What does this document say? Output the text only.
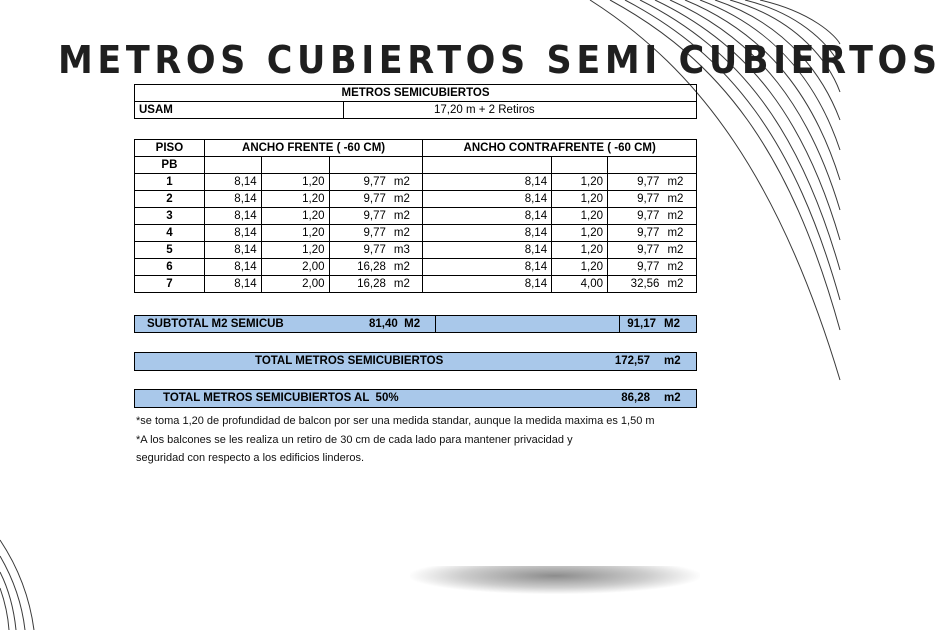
METROS CUBIERTOS SEMI CUBIERTOS
METROS SEMICUBIERTOS
USAM	17,20 m + 2 Retiros
PISO	ANCHO FRENTE ( -60 CM)				ANCHO CONTRAFRENTE ( -60 CM)			
PB								
1	8,14	1,20	9,77	m2	8,14	1,20	9,77	m2
2	8,14	1,20	9,77	m2	8,14	1,20	9,77	m2
3	8,14	1,20	9,77	m2	8,14	1,20	9,77	m2
4	8,14	1,20	9,77	m2	8,14	1,20	9,77	m2
5	8,14	1,20	9,77	m3	8,14	1,20	9,77	m2
6	8,14	2,00	16,28	m2	8,14	1,20	9,77	m2
7	8,14	2,00	16,28	m2	8,14	4,00	32,56	m2
SUBTOTAL M2 SEMICUB	81,40 M2		91,17	M2
TOTAL METROS SEMICUBIERTOS	172,57	m2
TOTAL METROS SEMICUBIERTOS AL  50%	86,28	m2
*se toma 1,20 de profundidad de balcon por ser una medida standar, aunque la medida maxima es 1,50 m
*A los balcones se les realiza un retiro de 30 cm de cada lado para mantener privacidad y
seguridad con respecto a los edificios linderos.
